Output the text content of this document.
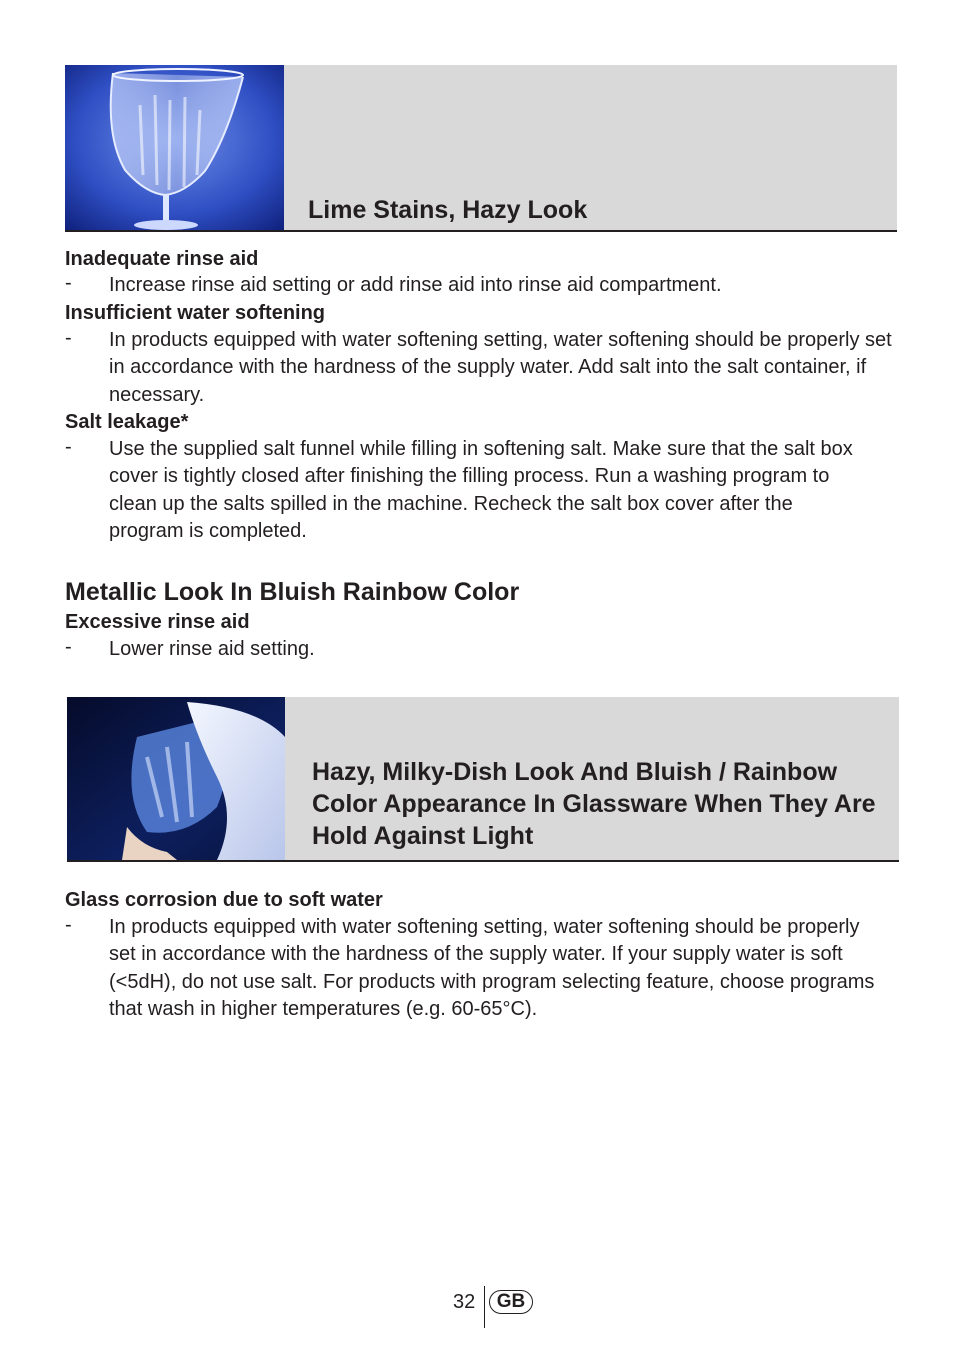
Lime Stains, Hazy Look
Inadequate rinse aid
-	Increase rinse aid setting or add rinse aid into rinse aid compartment.
Insufficient water softening
-	In products equipped with water softening setting, water softening should be properly set in accordance with the hardness of the supply water. Add salt into the salt container, if necessary.
Salt leakage*
-	Use the supplied salt funnel while filling in softening salt. Make sure that the salt box cover is tightly closed after finishing the filling process. Run a washing program to clean up the salts spilled in the machine. Recheck the salt box cover after the program is completed.
Metallic Look In Bluish Rainbow Color
Excessive rinse aid
-	Lower rinse aid setting.
Hazy, Milky-Dish Look And Bluish / Rainbow Color Appearance In Glassware When They Are Hold Against Light
Glass corrosion due to soft water
-	In products equipped with water softening setting, water softening should be properly set in accordance with the hardness of the supply water. If your supply water is soft (<5dH), do not use salt. For products with program selecting feature, choose programs that wash in higher temperatures (e.g. 60-65°C).
32	GB
